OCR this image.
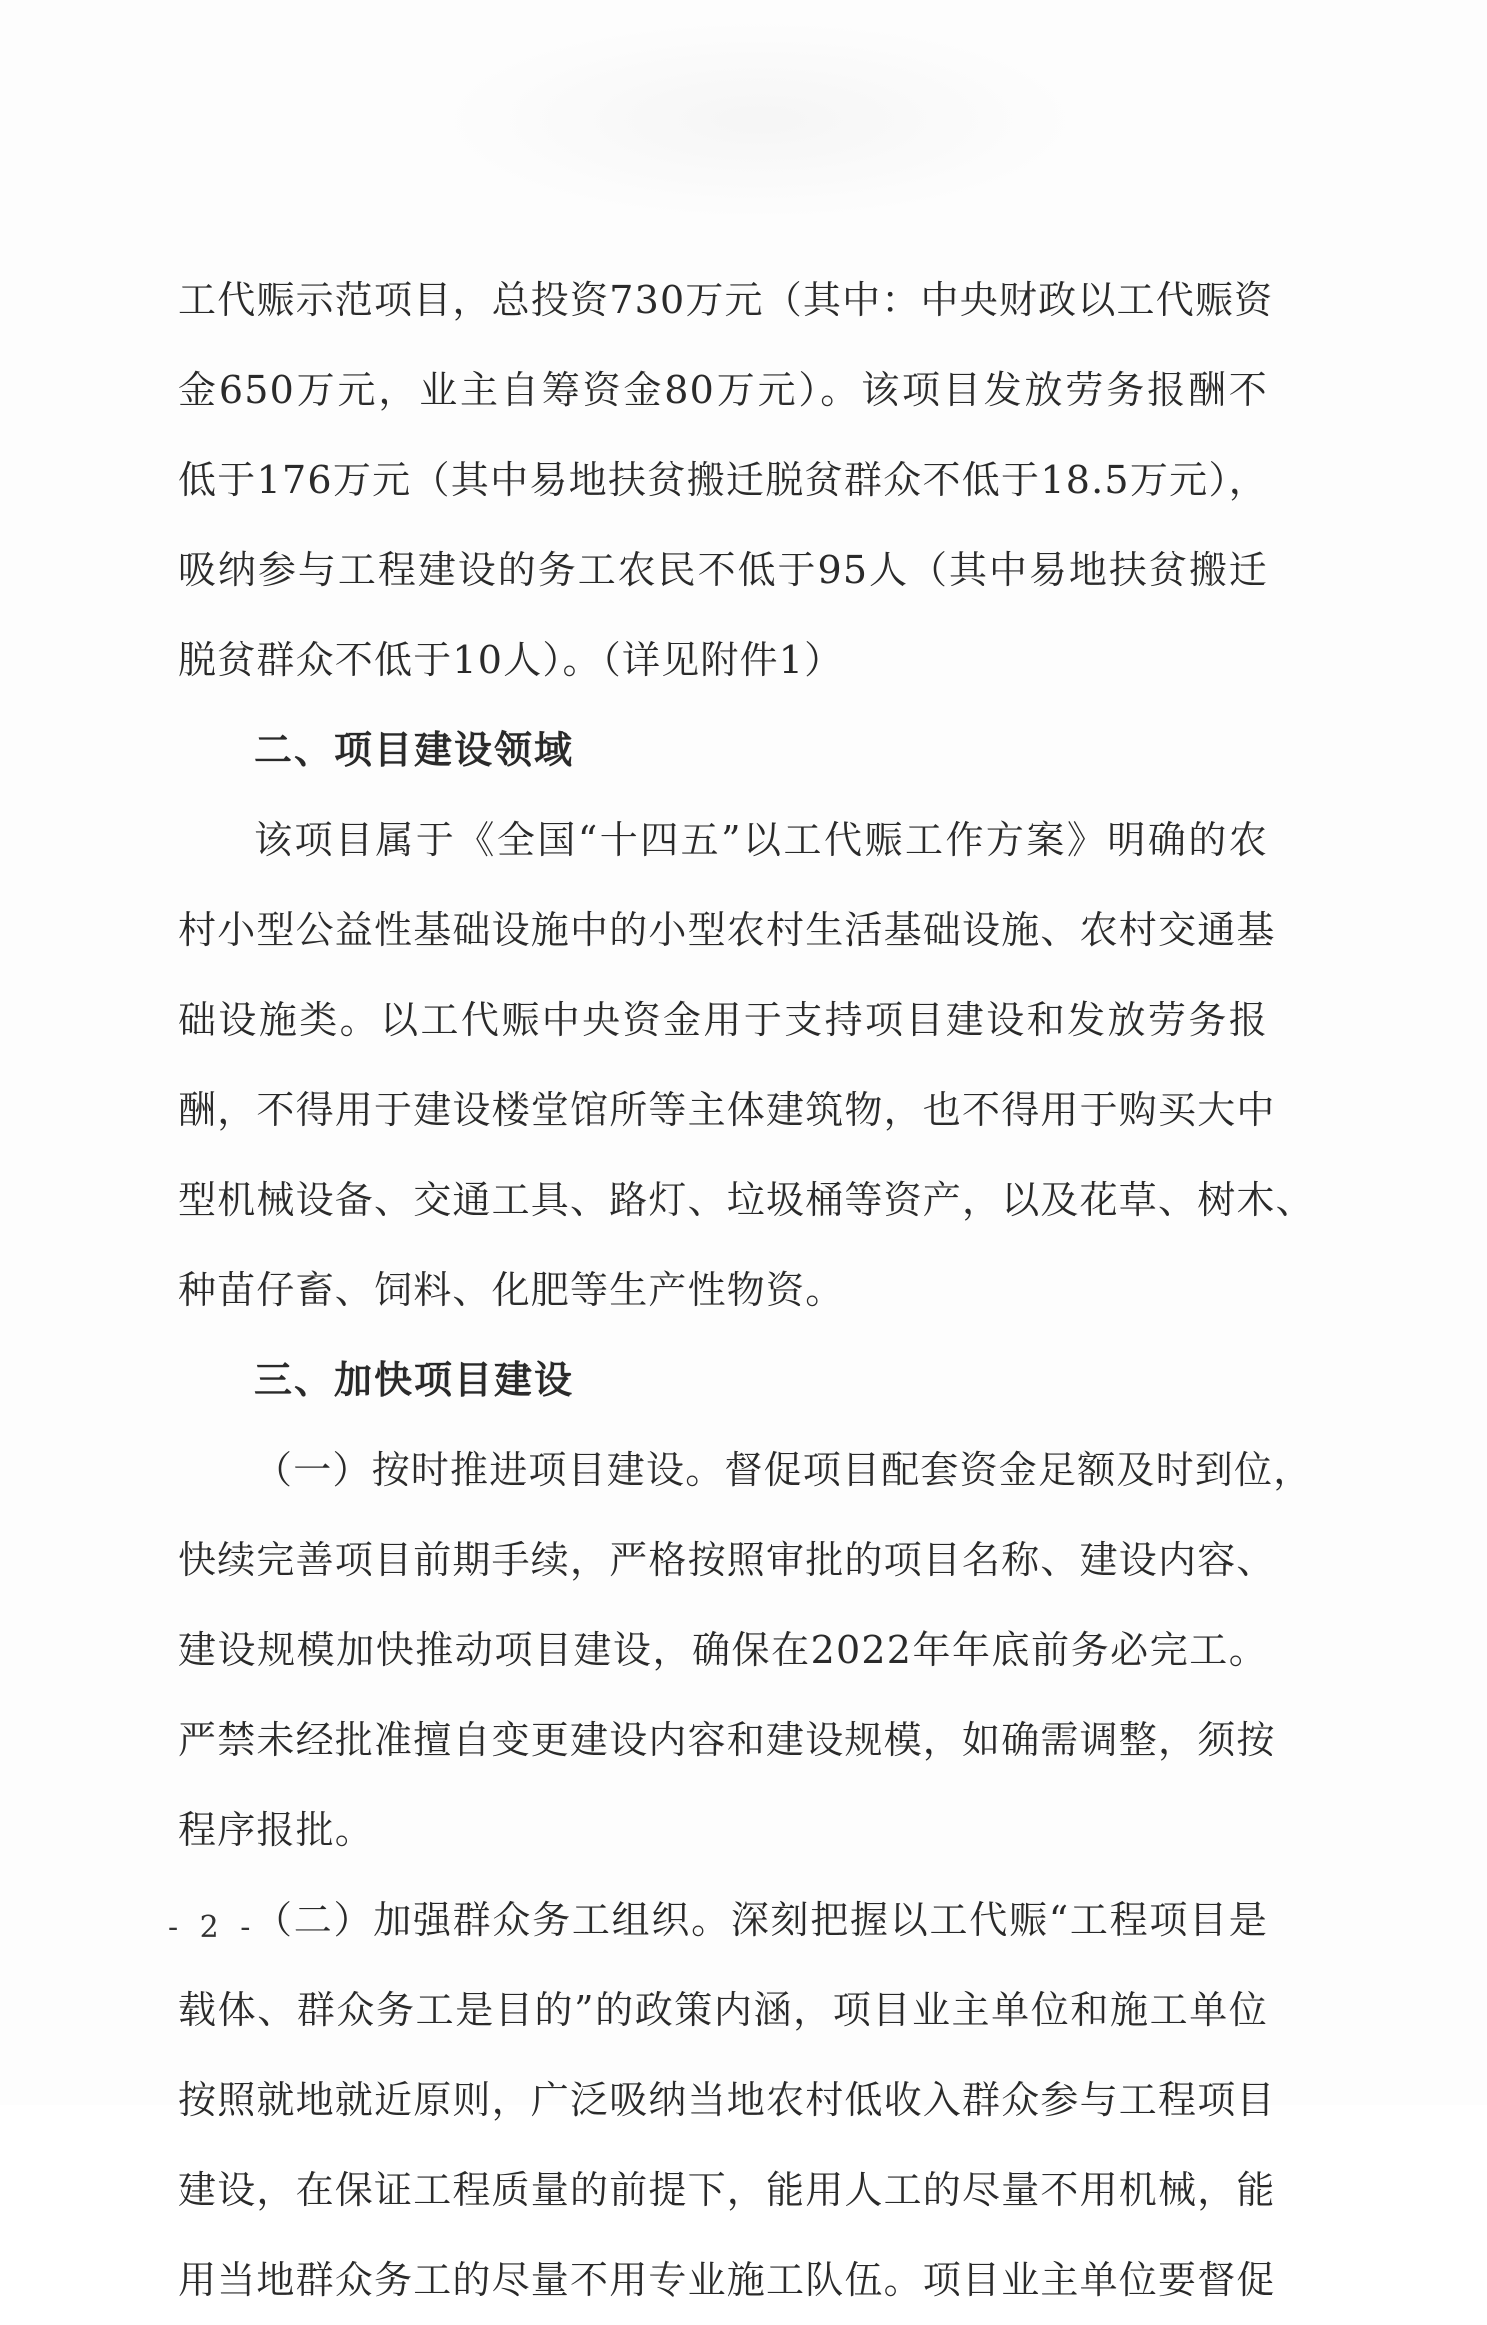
工代赈示范项目，总投资730万元（其中：中央财政以工代赈资
金650万元，业主自筹资金80万元）。该项目发放劳务报酬不
低于176万元（其中易地扶贫搬迁脱贫群众不低于18.5万元），
吸纳参与工程建设的务工农民不低于95人（其中易地扶贫搬迁
脱贫群众不低于10人）。（详见附件1）
二、项目建设领域
该项目属于《全国“十四五”以工代赈工作方案》明确的农
村小型公益性基础设施中的小型农村生活基础设施、农村交通基
础设施类。以工代赈中央资金用于支持项目建设和发放劳务报
酬，不得用于建设楼堂馆所等主体建筑物，也不得用于购买大中
型机械设备、交通工具、路灯、垃圾桶等资产，以及花草、树木、
种苗仔畜、饲料、化肥等生产性物资。
三、加快项目建设
（一）按时推进项目建设。督促项目配套资金足额及时到位，
快续完善项目前期手续，严格按照审批的项目名称、建设内容、
建设规模加快推动项目建设，确保在2022年年底前务必完工。
严禁未经批准擅自变更建设内容和建设规模，如确需调整，须按
程序报批。
（二）加强群众务工组织。深刻把握以工代赈“工程项目是
载体、群众务工是目的”的政策内涵，项目业主单位和施工单位
按照就地就近原则，广泛吸纳当地农村低收入群众参与工程项目
建设，在保证工程质量的前提下，能用人工的尽量不用机械，能
用当地群众务工的尽量不用专业施工队伍。项目业主单位要督促
- 2 -
